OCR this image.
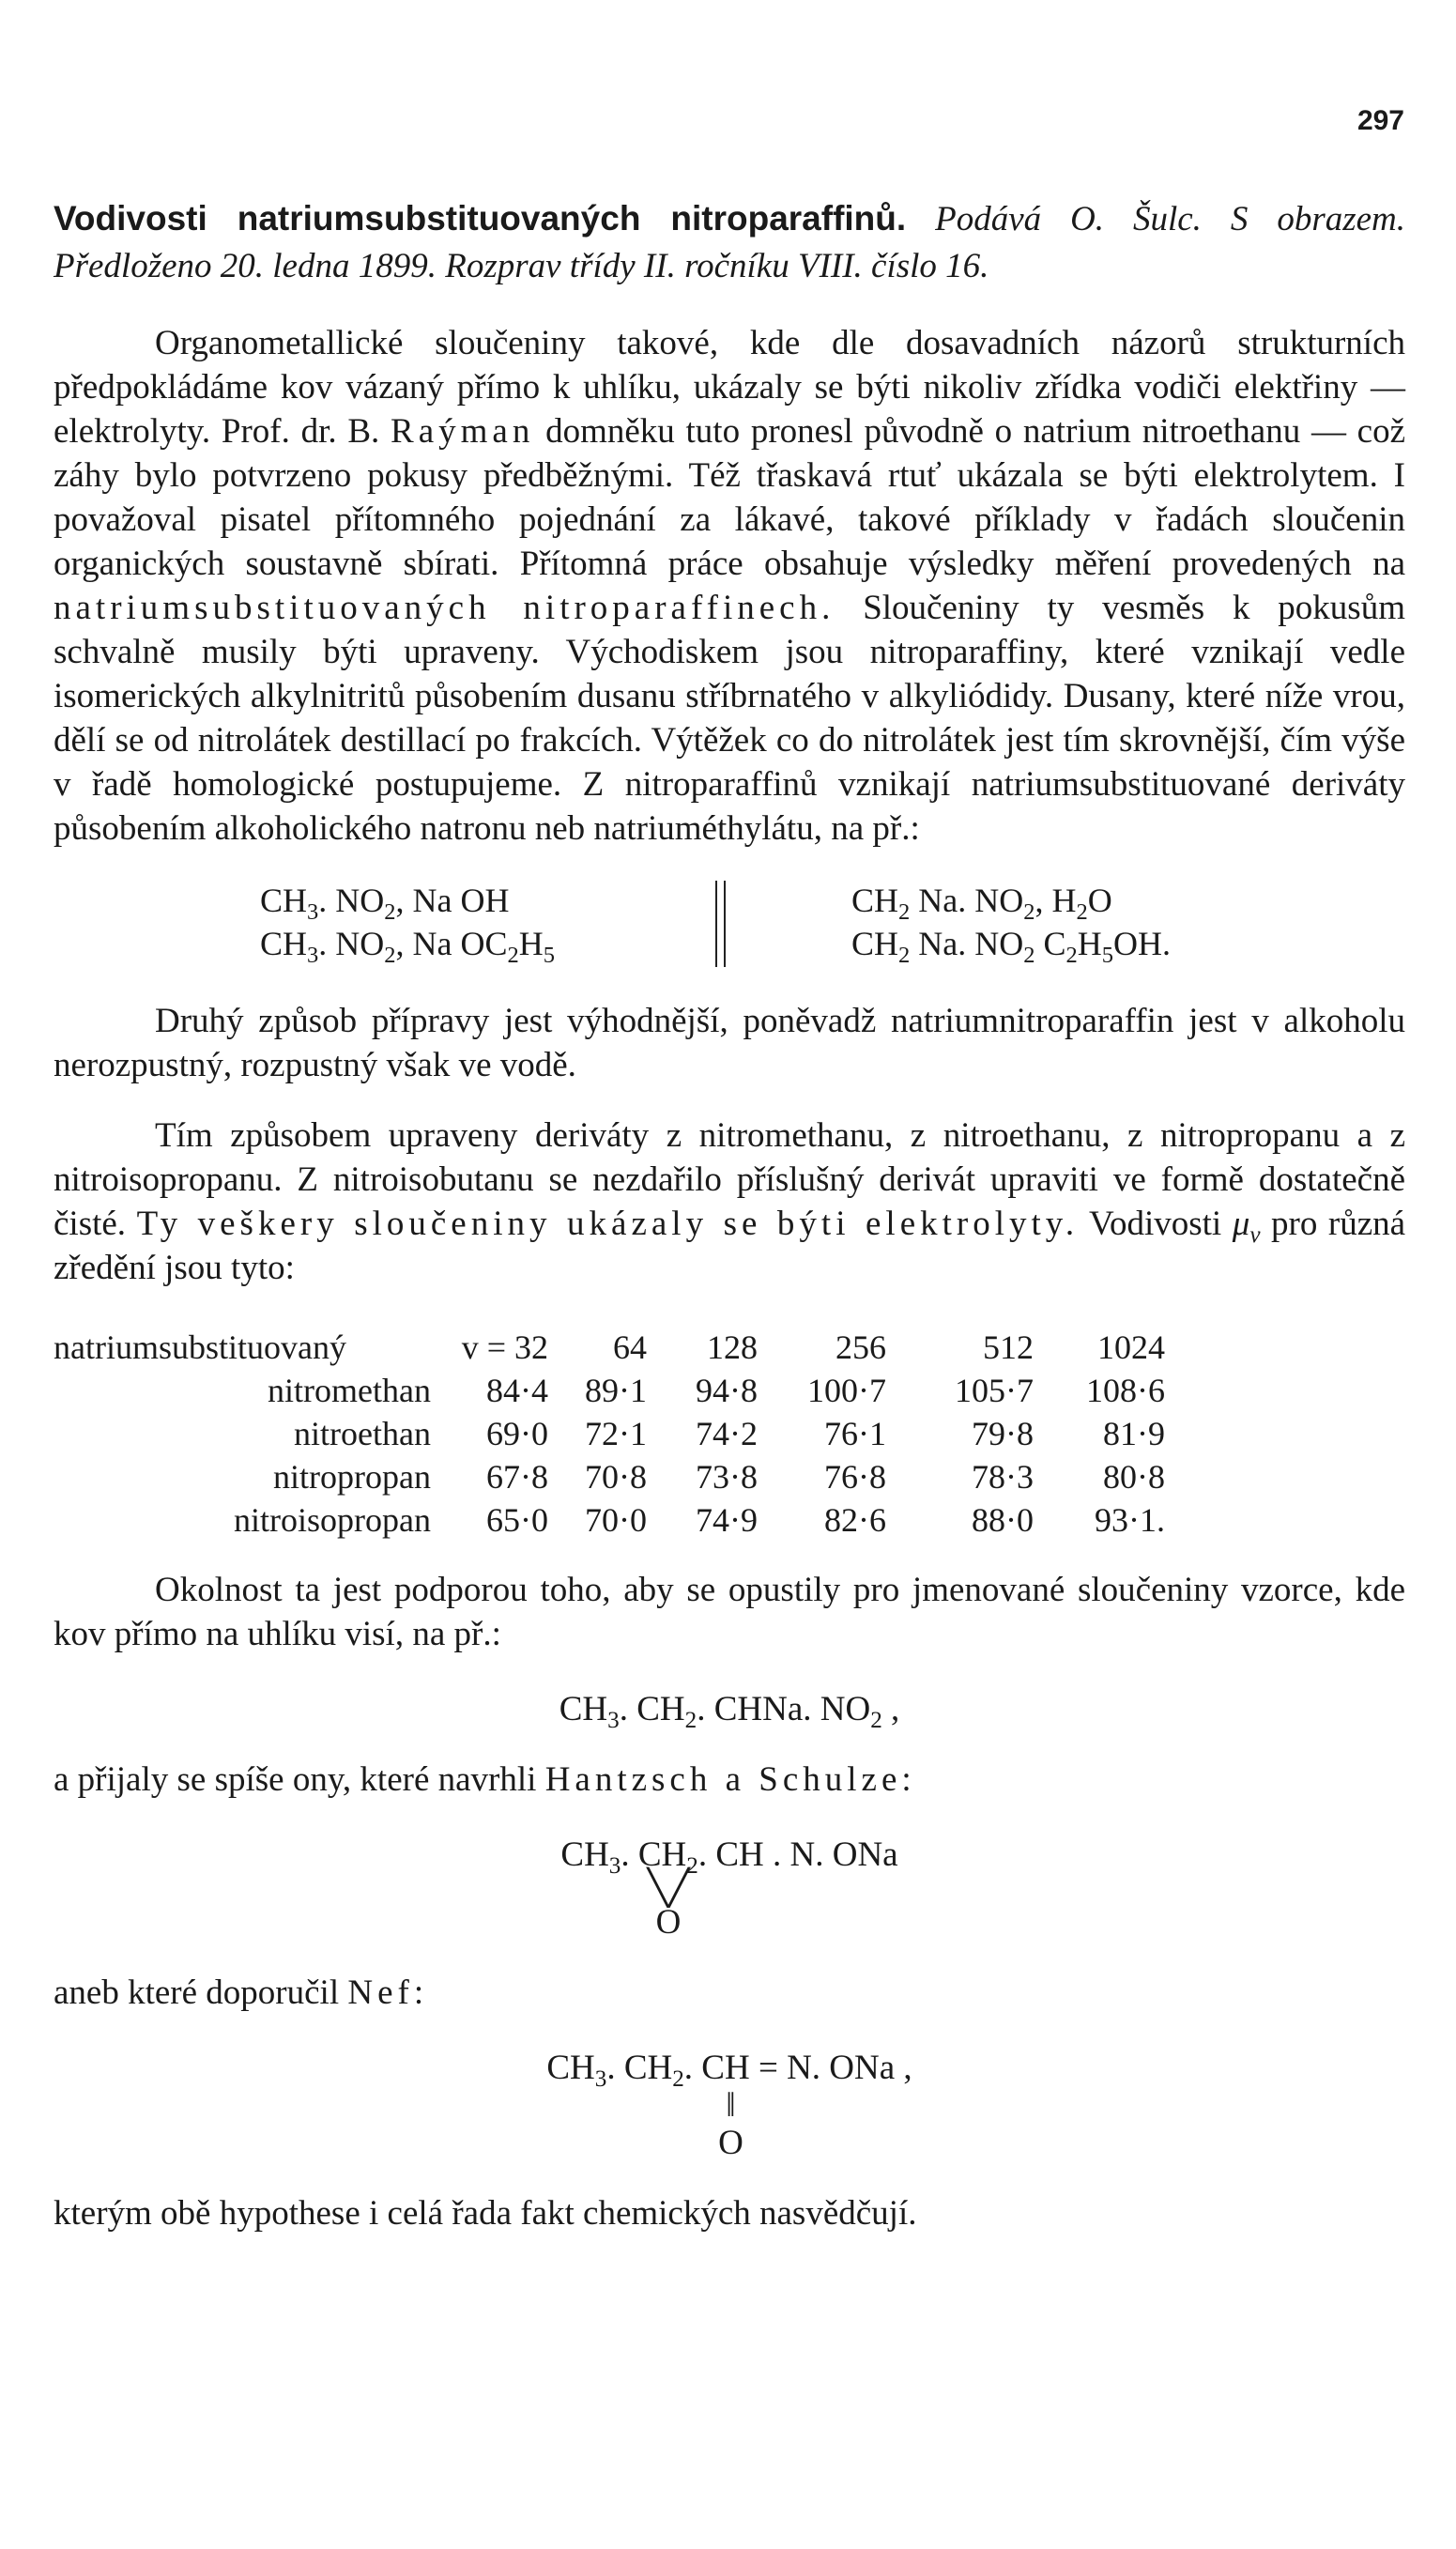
297

Vodivosti natriumsubstituovaných nitroparaffinů. Podává O. Šulc. S obrazem. Předloženo 20. ledna 1899. Rozprav třídy II. ročníku VIII. číslo 16.

Organometallické sloučeniny takové, kde dle dosavadních názorů strukturních předpokládáme kov vázaný přímo k uhlíku, ukázaly se býti nikoliv zřídka vodiči elektřiny — elektrolyty. Prof. dr. B. Raýman domněku tuto pronesl původně o natrium nitroethanu — což záhy bylo potvrzeno pokusy předběžnými. Též třaskavá rtuť ukázala se býti elektrolytem. I považoval pisatel přítomného pojednání za lákavé, takové příklady v řadách sloučenin organických soustavně sbírati. Přítomná práce obsahuje výsledky měření provedených na natriumsubstituovaných nitroparaffinech. Sloučeniny ty vesměs k pokusům schvalně musily býti upraveny. Východiskem jsou nitroparaffiny, které vznikají vedle isomerických alkylnitritů působením dusanu stříbrnatého v alkyliódidy. Dusany, které níže vrou, dělí se od nitrolátek destillací po frakcích. Výtěžek co do nitrolátek jest tím skrovnější, čím výše v řadě homologické postupujeme. Z nitroparaffinů vznikají natriumsubstituované deriváty působením alkoholického natronu neb natriuméthylátu, na př.:

$CH_3$. $NO_2$, Na OH
$CH_3$. $NO_2$, Na $OC_2H_5$
$CH_2$ Na. $NO_2$, $H_2O$
$CH_2$ Na. $NO_2$ $C_2H_5OH$.

Druhý způsob přípravy jest výhodnější, poněvadž natriumnitroparaffin jest v alkoholu nerozpustný, rozpustný však ve vodě.

Tím způsobem upraveny deriváty z nitromethanu, z nitroethanu, z nitropropanu a z nitroisopropanu. Z nitroisobutanu se nezdařilo příslušný derivát upraviti ve formě dostatečně čisté. Ty veškery sloučeniny ukázaly se býti elektrolyty. Vodivosti $\mu_v$ pro různá zředění jsou tyto:

natriumsubstituovaný	v = 32	64	128	256	512	1024
nitromethan	84·4	89·1	94·8	100·7	105·7	108·6
nitroethan	69·0	72·1	74·2	76·1	79·8	81·9
nitropropan	67·8	70·8	73·8	76·8	78·3	80·8
nitroisopropan	65·0	70·0	74·9	82·6	88·0	93·1.

Okolnost ta jest podporou toho, aby se opustily pro jmenované sloučeniny vzorce, kde kov přímo na uhlíku visí, na př.:

$CH_3$. $CH_2$. CHNa. $NO_2$ ,

a přijaly se spíše ony, které navrhli Hantzsch a Schulze:

$CH_3$. $CH_2$. CH . N. ONa
╲╱
O

aneb které doporučil Nef:

$CH_3$. $CH_2$. CH = N. ONa ,
‖
O

kterým obě hypothese i celá řada fakt chemických nasvědčují.
